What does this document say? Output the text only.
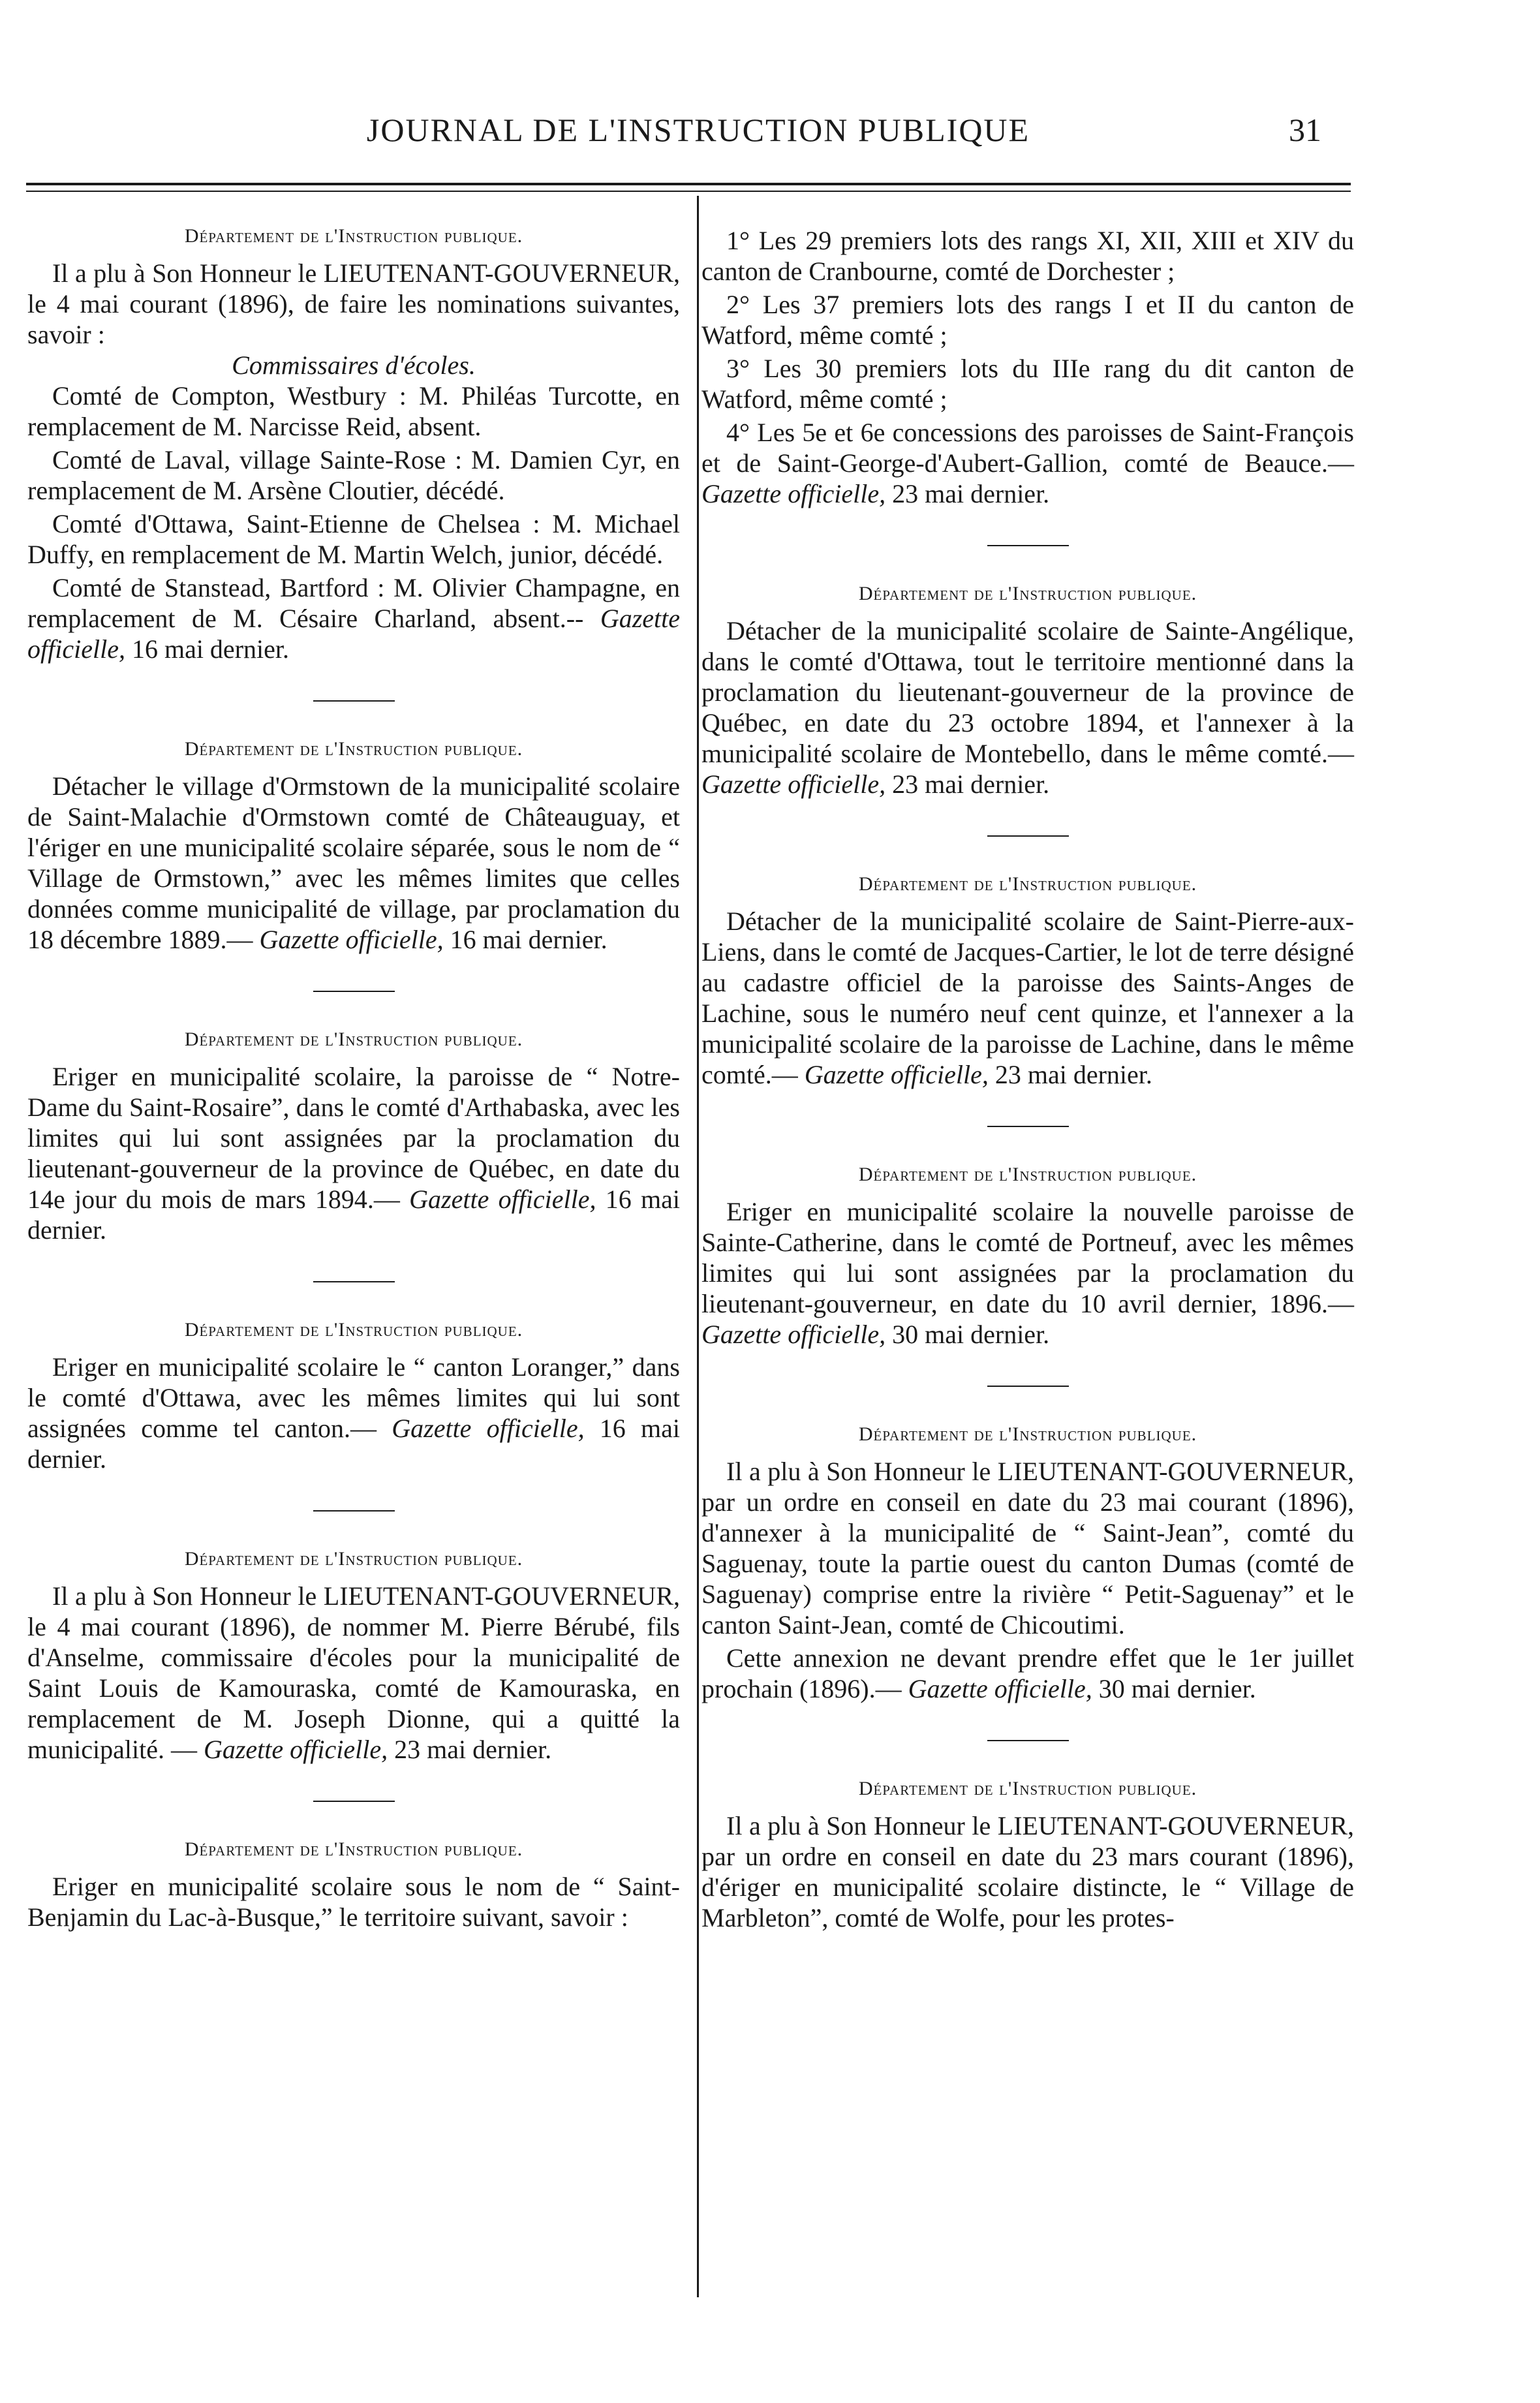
JOURNAL DE L'INSTRUCTION PUBLIQUE	31
Département de l'Instruction publique.

Il a plu à Son Honneur le LIEUTENANT-GOUVERNEUR, le 4 mai courant (1896), de faire les nominations suivantes, savoir :

Commissaires d'écoles.

Comté de Compton, Westbury : M. Philéas Turcotte, en remplacement de M. Narcisse Reid, absent.

Comté de Laval, village Sainte-Rose : M. Damien Cyr, en remplacement de M. Arsène Cloutier, décédé.

Comté d'Ottawa, Saint-Etienne de Chelsea : M. Michael Duffy, en remplacement de M. Martin Welch, junior, décédé.

Comté de Stanstead, Bartford : M. Olivier Champagne, en remplacement de M. Césaire Charland, absent.-- Gazette officielle, 16 mai dernier.

Département de l'Instruction publique.

Détacher le village d'Ormstown de la municipalité scolaire de Saint-Malachie d'Ormstown comté de Châteauguay, et l'ériger en une municipalité scolaire séparée, sous le nom de “ Village de Ormstown,” avec les mêmes limites que celles données comme municipalité de village, par proclamation du 18 décembre 1889.— Gazette officielle, 16 mai dernier.

Département de l'Instruction publique.

Eriger en municipalité scolaire, la paroisse de “ Notre-Dame du Saint-Rosaire”, dans le comté d'Arthabaska, avec les limites qui lui sont assignées par la proclamation du lieutenant-gouverneur de la province de Québec, en date du 14e jour du mois de mars 1894.— Gazette officielle, 16 mai dernier.

Département de l'Instruction publique.

Eriger en municipalité scolaire le “ canton Loranger,” dans le comté d'Ottawa, avec les mêmes limites qui lui sont assignées comme tel canton.— Gazette officielle, 16 mai dernier.

Département de l'Instruction publique.

Il a plu à Son Honneur le LIEUTENANT-GOUVERNEUR, le 4 mai courant (1896), de nommer M. Pierre Bérubé, fils d'Anselme, commissaire d'écoles pour la municipalité de Saint Louis de Kamouraska, comté de Kamouraska, en remplacement de M. Joseph Dionne, qui a quitté la municipalité. — Gazette officielle, 23 mai dernier.

Département de l'Instruction publique.

Eriger en municipalité scolaire sous le nom de “ Saint-Benjamin du Lac-à-Busque,” le territoire suivant, savoir :

1° Les 29 premiers lots des rangs XI, XII, XIII et XIV du canton de Cranbourne, comté de Dorchester ;

2° Les 37 premiers lots des rangs I et II du canton de Watford, même comté ;

3° Les 30 premiers lots du IIIe rang du dit canton de Watford, même comté ;

4° Les 5e et 6e concessions des paroisses de Saint-François et de Saint-George-d'Aubert-Gallion, comté de Beauce.— Gazette officielle, 23 mai dernier.

Département de l'Instruction publique.

Détacher de la municipalité scolaire de Sainte-Angélique, dans le comté d'Ottawa, tout le territoire mentionné dans la proclamation du lieutenant-gouverneur de la province de Québec, en date du 23 octobre 1894, et l'annexer à la municipalité scolaire de Montebello, dans le même comté.— Gazette officielle, 23 mai dernier.

Département de l'Instruction publique.

Détacher de la municipalité scolaire de Saint-Pierre-aux-Liens, dans le comté de Jacques-Cartier, le lot de terre désigné au cadastre officiel de la paroisse des Saints-Anges de Lachine, sous le numéro neuf cent quinze, et l'annexer a la municipalité scolaire de la paroisse de Lachine, dans le même comté.— Gazette officielle, 23 mai dernier.

Département de l'Instruction publique.

Eriger en municipalité scolaire la nouvelle paroisse de Sainte-Catherine, dans le comté de Portneuf, avec les mêmes limites qui lui sont assignées par la proclamation du lieutenant-gouverneur, en date du 10 avril dernier, 1896.— Gazette officielle, 30 mai dernier.

Département de l'Instruction publique.

Il a plu à Son Honneur le LIEUTENANT-GOUVERNEUR, par un ordre en conseil en date du 23 mai courant (1896), d'annexer à la municipalité de “ Saint-Jean”, comté du Saguenay, toute la partie ouest du canton Dumas (comté de Saguenay) comprise entre la rivière “ Petit-Saguenay” et le canton Saint-Jean, comté de Chicoutimi.

Cette annexion ne devant prendre effet que le 1er juillet prochain (1896).— Gazette officielle, 30 mai dernier.

Département de l'Instruction publique.

Il a plu à Son Honneur le LIEUTENANT-GOUVERNEUR, par un ordre en conseil en date du 23 mars courant (1896), d'ériger en municipalité scolaire distincte, le “ Village de Marbleton”, comté de Wolfe, pour les protes-
